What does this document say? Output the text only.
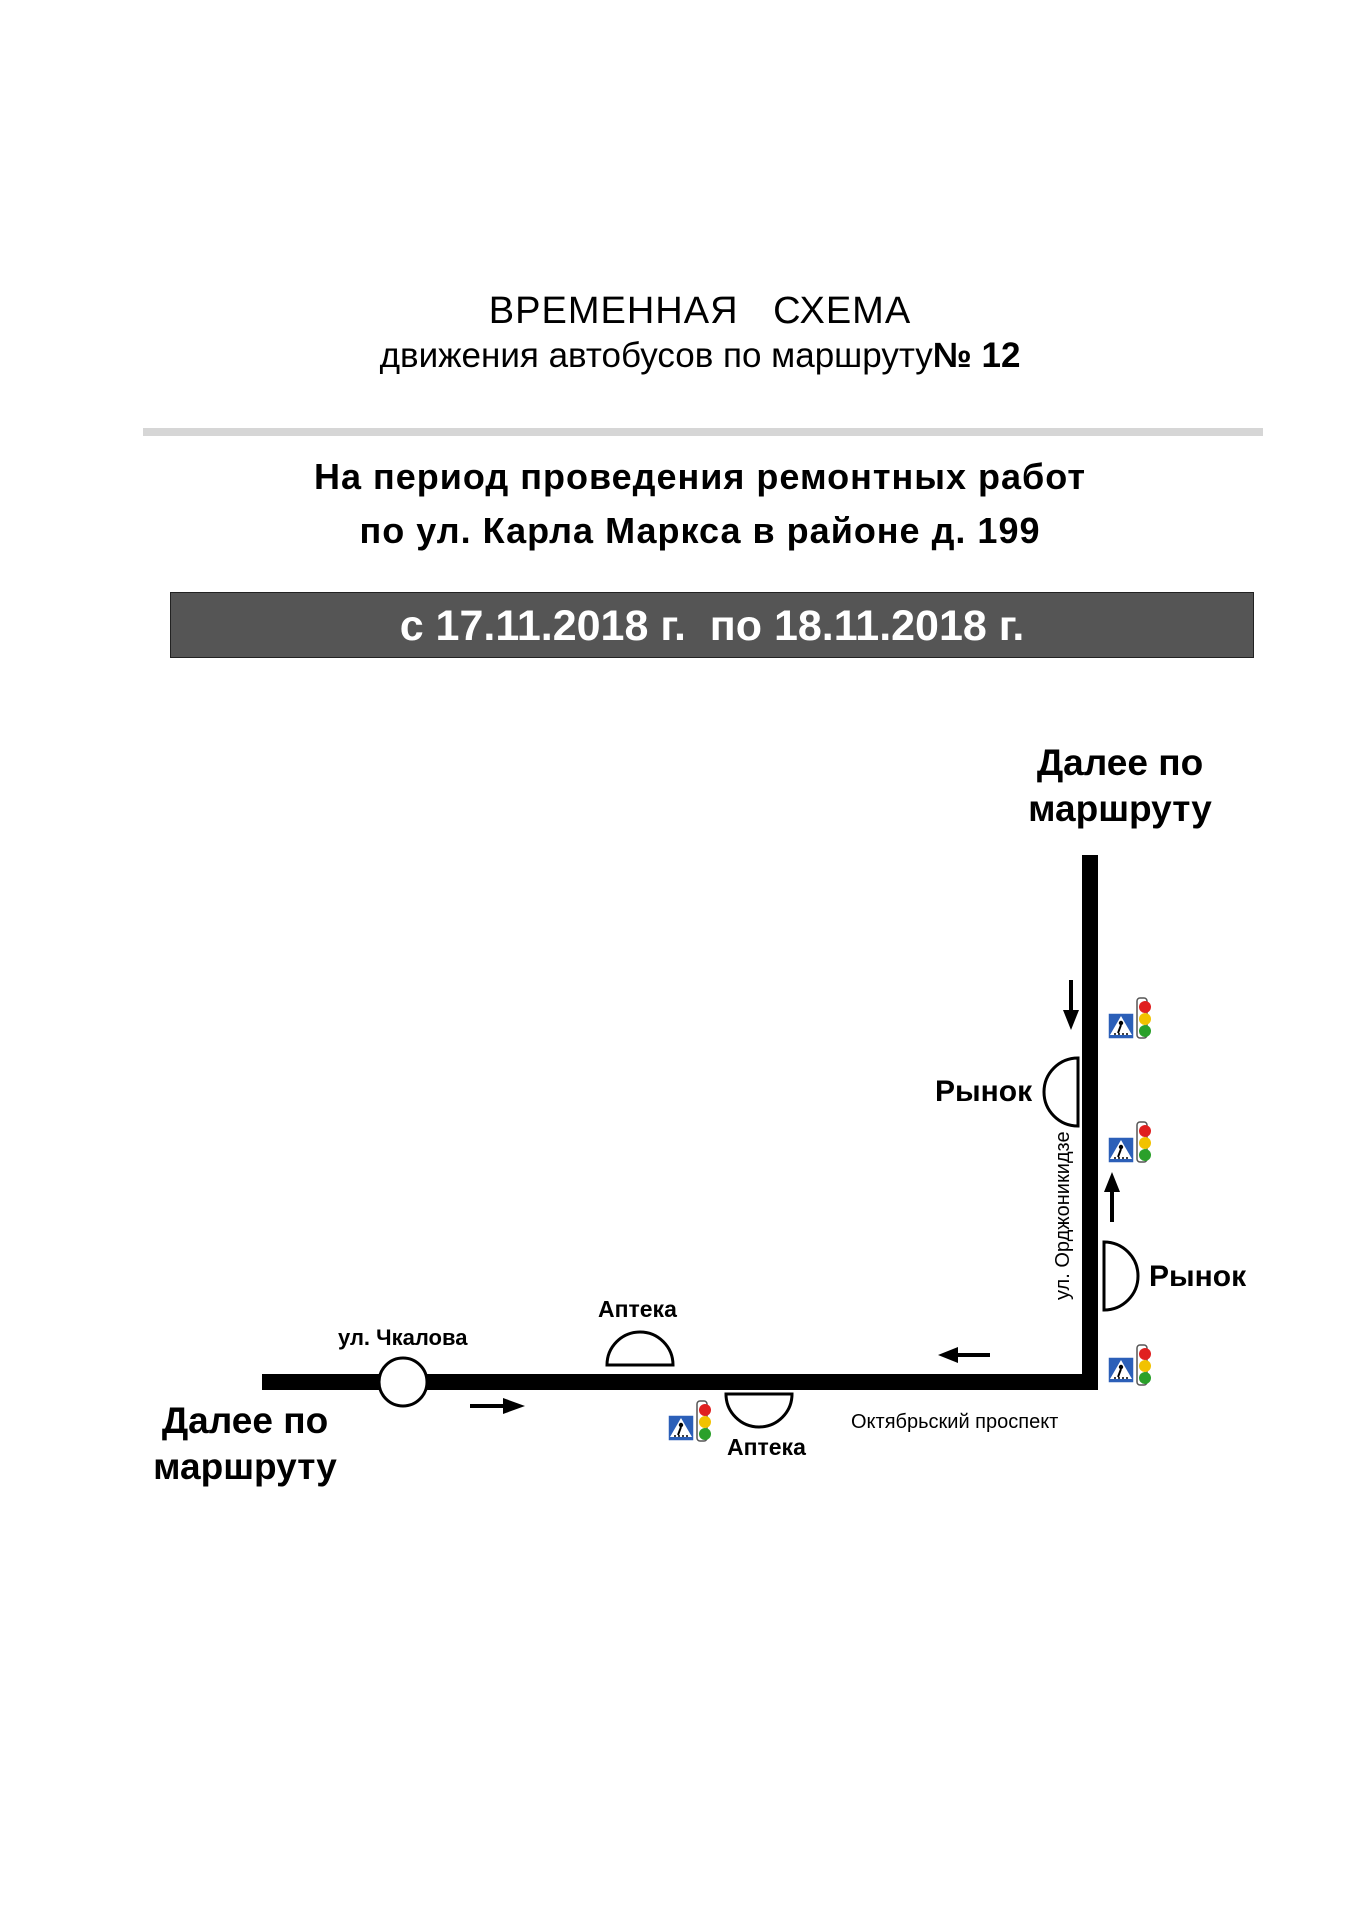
ВРЕМЕННАЯ   СХЕМА
движения автобусов по маршруту№ 12
На период проведения ремонтных работ
по ул. Карла Маркса в районе д. 199
с 17.11.2018 г.  по 18.11.2018 г.
ул. Орджоникидзе
ул. Чкалова
Октябрьский проспект
Аптека
Аптека
Рынок
Рынок
Далее по маршруту
Далее по маршруту
